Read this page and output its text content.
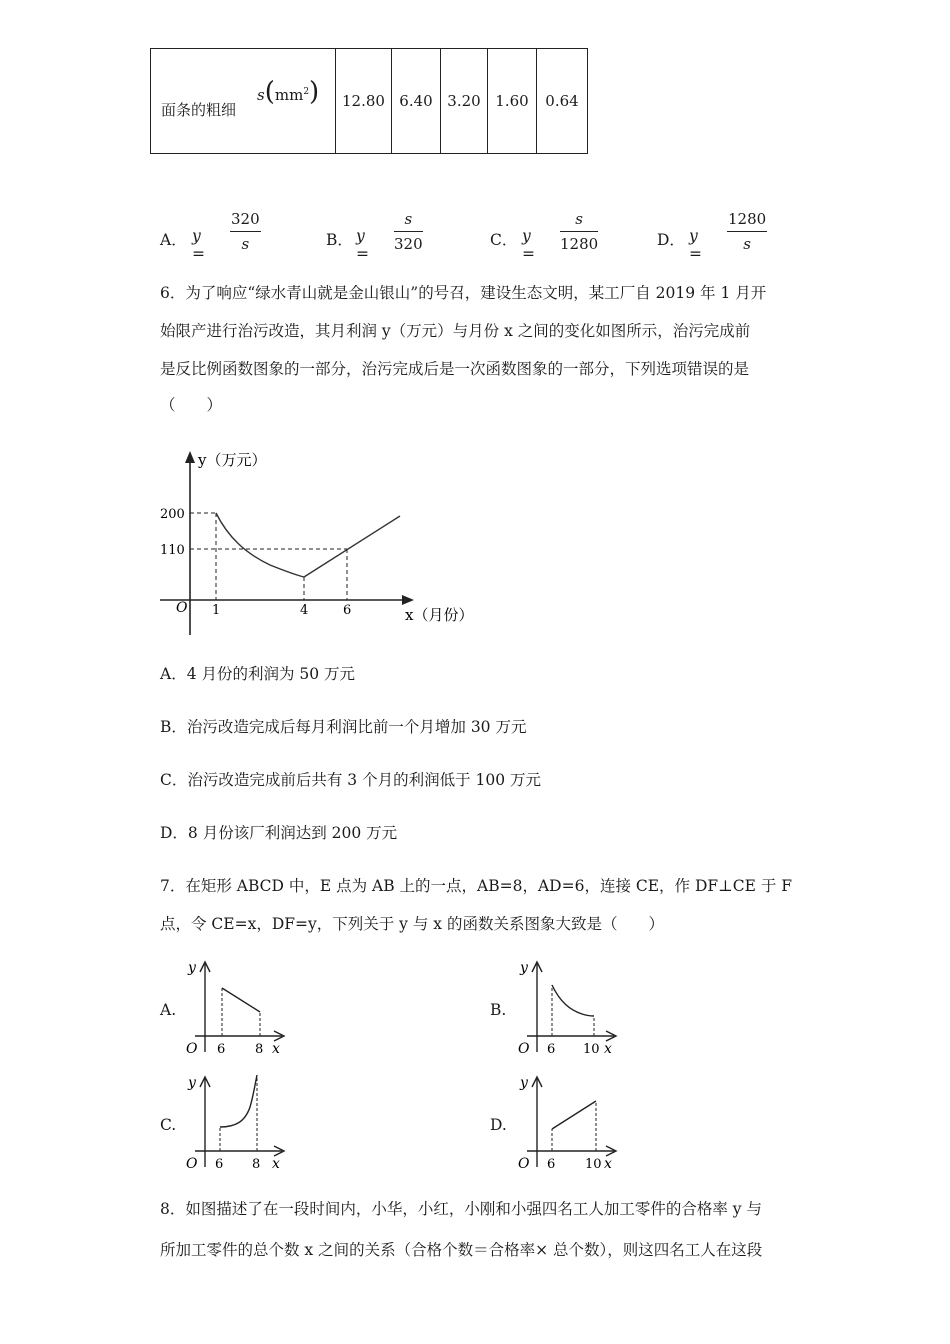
面条的粗细
$s(mm^2)$	12.80	6.40	3.20	1.60	0.64
A． y =
320
s	B． y =
s
320	C． y =
s
1280	D． y =
1280
s
6．为了响应“绿水青山就是金山银山”的号召，建设生态文明，某工厂自 2019 年 1 月开
始限产进行治污改造，其月利润 y（万元）与月份 x 之间的变化如图所示，治污完成前
是反比例函数图象的一部分，治污完成后是一次函数图象的一部分，下列选项错误的是
（　　）
y（万元）
x（月份）
O
200
110
1	4	6
A．4 月份的利润为 50 万元
B．治污改造完成后每月利润比前一个月增加 30 万元
C．治污改造完成前后共有 3 个月的利润低于 100 万元
D．8 月份该厂利润达到 200 万元
7．在矩形 ABCD 中，E 点为 AB 上的一点，AB=8，AD=6，连接 CE，作 DF⊥CE 于 F
点，令 CE=x，DF=y，下列关于 y 与 x 的函数关系图象大致是（　　）
A.
y
O 6 8 x
B.
y
O 6 10 x
C.
y
O 6 8 x
D.
y
O 6 10 x
8．如图描述了在一段时间内，小华，小红，小刚和小强四名工人加工零件的合格率 y 与
所加工零件的总个数 x 之间的关系（合格个数＝合格率× 总个数），则这四名工人在这段
